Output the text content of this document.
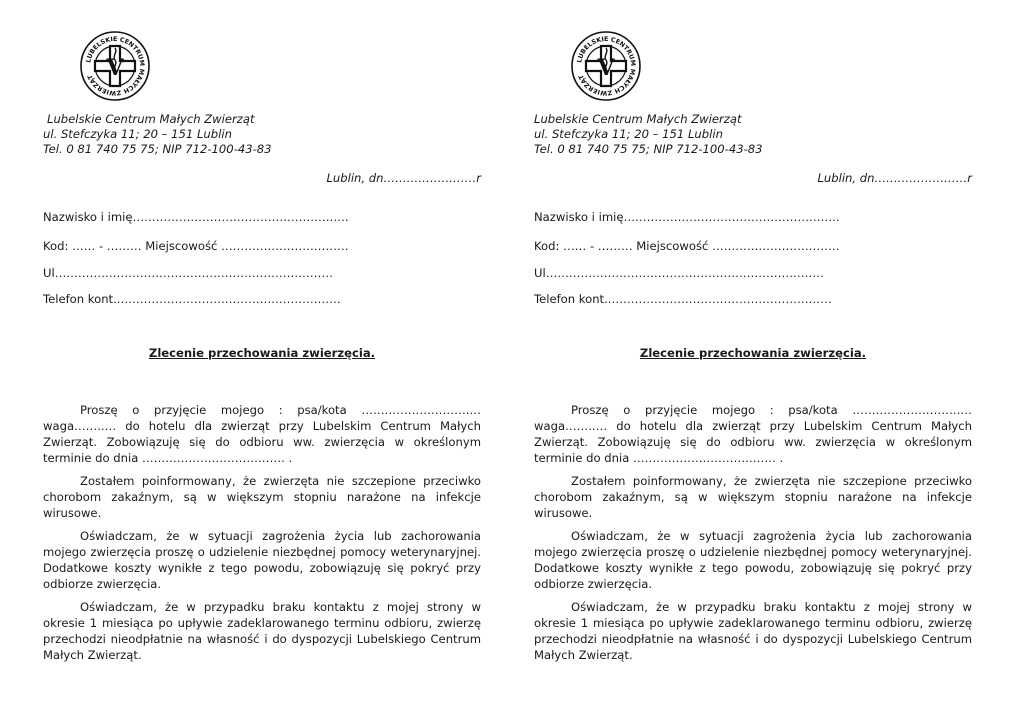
LUBELSKIE CENTRUM MAŁYCH ZWIERZĄT V
Lubelskie Centrum Małych Zwierząt
ul. Stefczyka 11; 20 – 151 Lublin
Tel. 0 81 740 75 75; NIP 712-100-43-83
Lublin, dn……………………r
Nazwisko i imię………………………………………………..
Kod: …… - ……… Miejscowość ……………………………
Ul………………………………………………………………
Telefon kont..…………………………………………………
Zlecenie przechowania zwierzęcia.

Proszę o przyjęcie mojego : psa/kota ……………………….…waga……..… do hotelu dla zwierząt przy Lubelskim Centrum Małych Zwierząt. Zobowiązuję się do odbioru ww. zwierzęcia w określonym terminie do dnia ………………………………. .

Zostałem poinformowany, że zwierzęta nie szczepione przeciwko chorobom zakaźnym, są w większym stopniu narażone na infekcje wirusowe.

Oświadczam, że w sytuacji zagrożenia życia lub zachorowania mojego zwierzęcia proszę o udzielenie niezbędnej pomocy weterynaryjnej. Dodatkowe koszty wynikłe z tego powodu, zobowiązuję się pokryć przy odbiorze zwierzęcia.

Oświadczam, że w przypadku braku kontaktu z mojej strony w okresie 1 miesiąca po upływie zadeklarowanego terminu odbioru, zwierzę przechodzi nieodpłatnie na własność i do dyspozycji Lubelskiego Centrum Małych Zwierząt.

LUBELSKIE CENTRUM MAŁYCH ZWIERZĄT V
Lubelskie Centrum Małych Zwierząt
ul. Stefczyka 11; 20 – 151 Lublin
Tel. 0 81 740 75 75; NIP 712-100-43-83
Lublin, dn……………………r
Nazwisko i imię………………………………………………..
Kod: …… - ……… Miejscowość ……………………………
Ul………………………………………………………………
Telefon kont..…………………………………………………
Zlecenie przechowania zwierzęcia.

Proszę o przyjęcie mojego : psa/kota ……………………….…waga……..… do hotelu dla zwierząt przy Lubelskim Centrum Małych Zwierząt. Zobowiązuję się do odbioru ww. zwierzęcia w określonym terminie do dnia ………………………………. .

Zostałem poinformowany, że zwierzęta nie szczepione przeciwko chorobom zakaźnym, są w większym stopniu narażone na infekcje wirusowe.

Oświadczam, że w sytuacji zagrożenia życia lub zachorowania mojego zwierzęcia proszę o udzielenie niezbędnej pomocy weterynaryjnej. Dodatkowe koszty wynikłe z tego powodu, zobowiązuję się pokryć przy odbiorze zwierzęcia.

Oświadczam, że w przypadku braku kontaktu z mojej strony w okresie 1 miesiąca po upływie zadeklarowanego terminu odbioru, zwierzę przechodzi nieodpłatnie na własność i do dyspozycji Lubelskiego Centrum Małych Zwierząt.
